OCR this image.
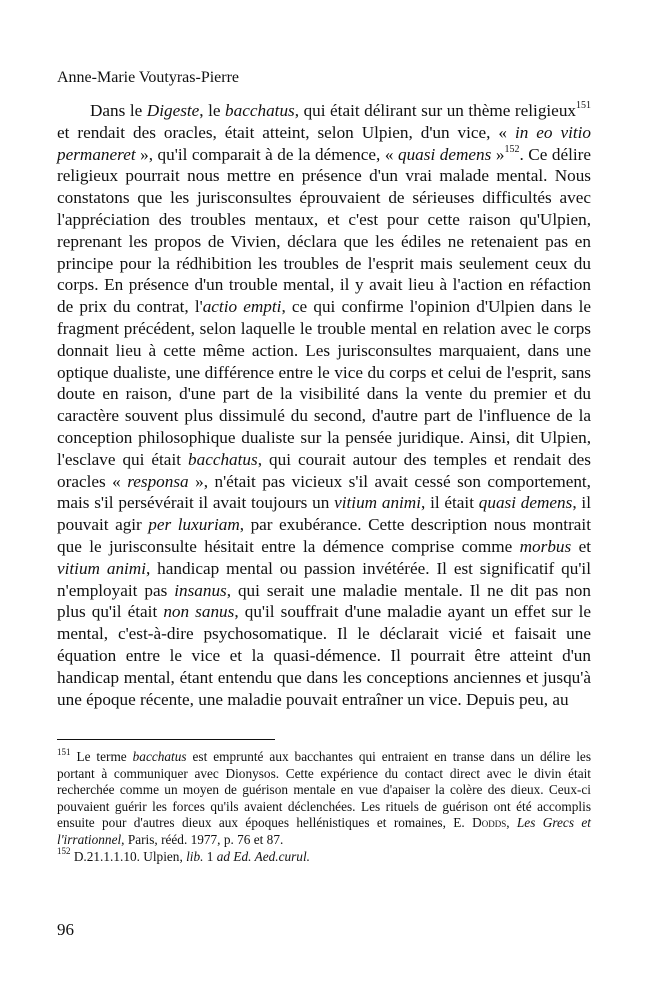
Anne-Marie Voutyras-Pierre

Dans le Digeste, le bacchatus, qui était délirant sur un thème religieux$^{151}$ et rendait des oracles, était atteint, selon Ulpien, d'un vice, « in eo vitio permaneret », qu'il comparait à de la démence, « quasi demens »$^{152}$. Ce délire religieux pourrait nous mettre en présence d'un vrai malade mental. Nous constatons que les jurisconsultes éprouvaient de sérieuses difficultés avec l'appréciation des troubles mentaux, et c'est pour cette raison qu'Ulpien, reprenant les propos de Vivien, déclara que les édiles ne retenaient pas en principe pour la rédhibition les troubles de l'esprit mais seulement ceux du corps. En présence d'un trouble mental, il y avait lieu à l'action en réfaction de prix du contrat, l'actio empti, ce qui confirme l'opinion d'Ulpien dans le fragment précédent, selon laquelle le trouble mental en relation avec le corps donnait lieu à cette même action. Les jurisconsultes marquaient, dans une optique dualiste, une différence entre le vice du corps et celui de l'esprit, sans doute en raison, d'une part de la visibilité dans la vente du premier et du caractère souvent plus dissimulé du second, d'autre part de l'influence de la conception philosophique dualiste sur la pensée juridique. Ainsi, dit Ulpien, l'esclave qui était bacchatus, qui courait autour des temples et rendait des oracles « responsa », n'était pas vicieux s'il avait cessé son comportement, mais s'il persévérait il avait toujours un vitium animi, il était quasi demens, il pouvait agir per luxuriam, par exubérance. Cette description nous montrait que le jurisconsulte hésitait entre la démence comprise comme morbus et vitium animi, handicap mental ou passion invétérée. Il est significatif qu'il n'employait pas insanus, qui serait une maladie mentale. Il ne dit pas non plus qu'il était non sanus, qu'il souffrait d'une maladie ayant un effet sur le mental, c'est-à-dire psychosomatique. Il le déclarait vicié et faisait une équation entre le vice et la quasi-démence. Il pourrait être atteint d'un handicap mental, étant entendu que dans les conceptions anciennes et jusqu'à une époque récente, une maladie pouvait entraîner un vice. Depuis peu, au

$^{151}$ Le terme bacchatus est emprunté aux bacchantes qui entraient en transe dans un délire les portant à communiquer avec Dionysos. Cette expérience du contact direct avec le divin était recherchée comme un moyen de guérison mentale en vue d'apaiser la colère des dieux. Ceux-ci pouvaient guérir les forces qu'ils avaient déclenchées. Les rituels de guérison ont été accomplis ensuite pour d'autres dieux aux époques hellénistiques et romaines, E. Dodds, Les Grecs et l'irrationnel, Paris, rééd. 1977, p. 76 et 87.

$^{152}$ D.21.1.1.10. Ulpien, lib. 1 ad Ed. Aed.curul.

96
